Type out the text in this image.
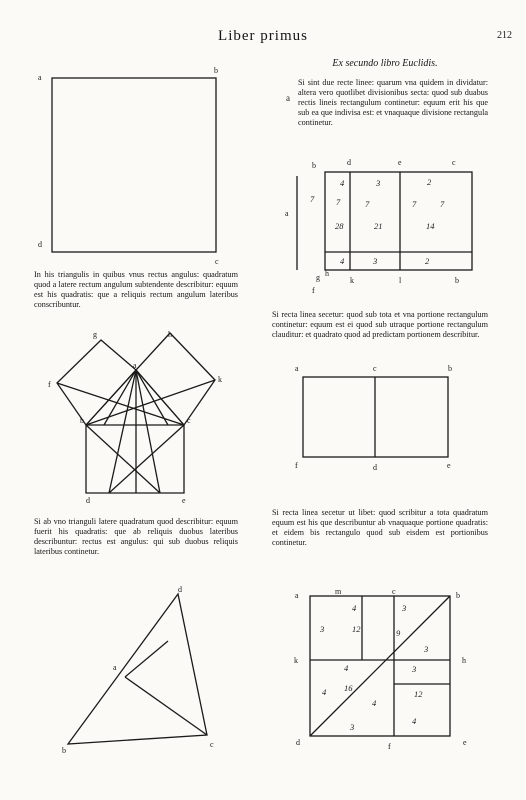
Liber primus	212
Ex secundo libro Euclidis.
a
Si sint due recte linee: quarum vna quidem in dividatur: altera vero quotlibet divisionibus secta: quod sub duabus rectis lineis rectangulum continetur: equum erit his que sub ea que indivisa est: et vnaquaque divisione rectangula continetur.
In his triangulis in quibus vnus rectus angulus: quadratum quod a latere rectum angulum subtendente describitur: equum est his quadratis: que a reliquis rectum angulum lateribus conscribuntur.
Si recta linea secetur: quod sub tota et vna portione rectangulum continetur: equum est ei quod sub utraque portione rectangulum clauditur: et quadrato quod ad predictam portionem describitur.
Si ab vno trianguli latere quadratum quod describitur: equum fuerit his quadratis: que ab reliquis duobus lateribus describuntur: rectus est angulus: qui sub duobus reliquis lateribus continetur.
Si recta linea secetur ut libet: quod scribitur a tota quadratum equum est his que describuntur ab vnaquaque portione quadratis: et eidem bis rectangulo quod sub eisdem est portionibus continetur.
a
b
d
c
b	d	e	c
a
g h
k	l	b
f
7
4	3	2
7	7	7	7
28	21	14
4	3	2
g	h
a
f
k
b	c
d	e
a	c	b
f	d	e
d
a
b
c
a	m	c	b
h
k
d	f	e
4	3
3	12	9
3
4	3
4 16
12
4
3
4
